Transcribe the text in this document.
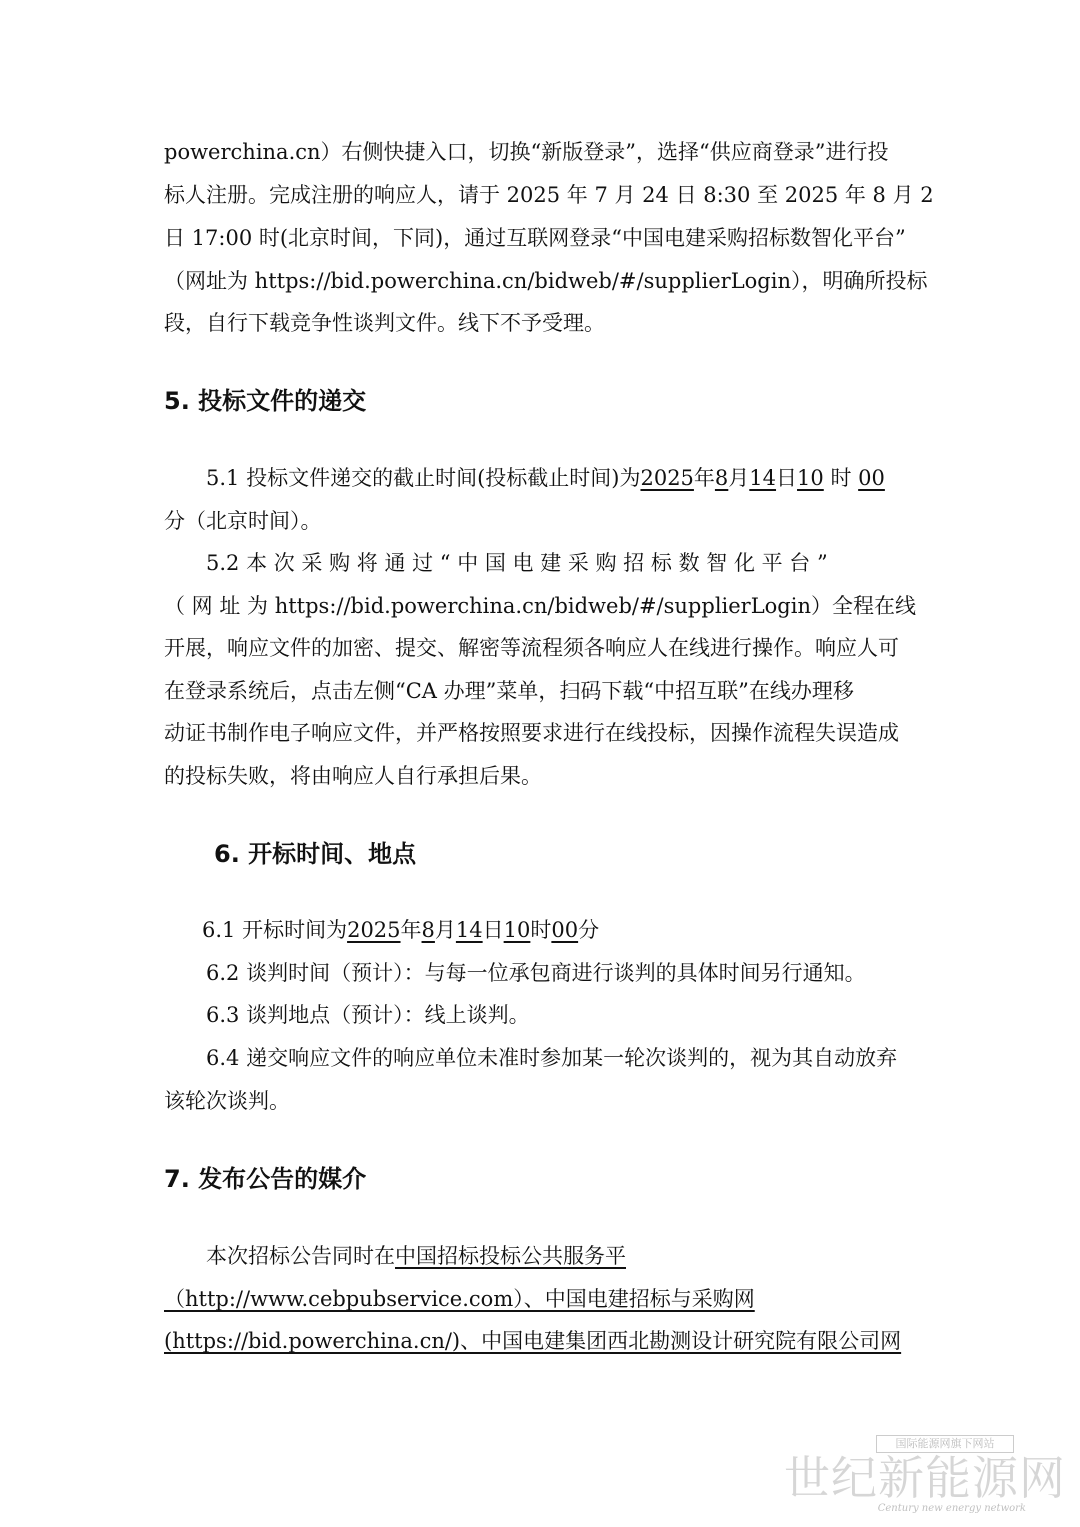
powerchina.cn）右侧快捷入口，切换“新版登录”，选择“供应商登录”进行投
标人注册。完成注册的响应人，请于 2025 年 7 月 24 日 8:30 至 2025 年 8 月 2
日 17:00 时(北京时间，下同)，通过互联网登录“中国电建采购招标数智化平台”
（网址为 https://bid.powerchina.cn/bidweb/#/supplierLogin），明确所投标
段，自行下载竞争性谈判文件。线下不予受理。
5. 投标文件的递交
5.1 投标文件递交的截止时间(投标截止时间)为2025年8月14日10 时 00
分（北京时间）。
5.2 本 次 采 购 将 通 过 “ 中 国 电 建 采 购 招 标 数 智 化 平 台 ”
（ 网 址 为 https://bid.powerchina.cn/bidweb/#/supplierLogin）全程在线
开展，响应文件的加密、提交、解密等流程须各响应人在线进行操作。响应人可
在登录系统后，点击左侧“CA 办理”菜单，扫码下载“中招互联”在线办理移
动证书制作电子响应文件，并严格按照要求进行在线投标，因操作流程失误造成
的投标失败，将由响应人自行承担后果。
6. 开标时间、地点
6.1 开标时间为2025年8月14日10时00分
6.2 谈判时间（预计）：与每一位承包商进行谈判的具体时间另行通知。
6.3 谈判地点（预计）：线上谈判。
6.4 递交响应文件的响应单位未准时参加某一轮次谈判的，视为其自动放弃
该轮次谈判。
7. 发布公告的媒介
本次招标公告同时在中国招标投标公共服务平
（http://www.cebpubservice.com）、中国电建招标与采购网
(https://bid.powerchina.cn/)、中国电建集团西北勘测设计研究院有限公司网
国际能源网旗下网站
世纪新能源网
Century new energy network
